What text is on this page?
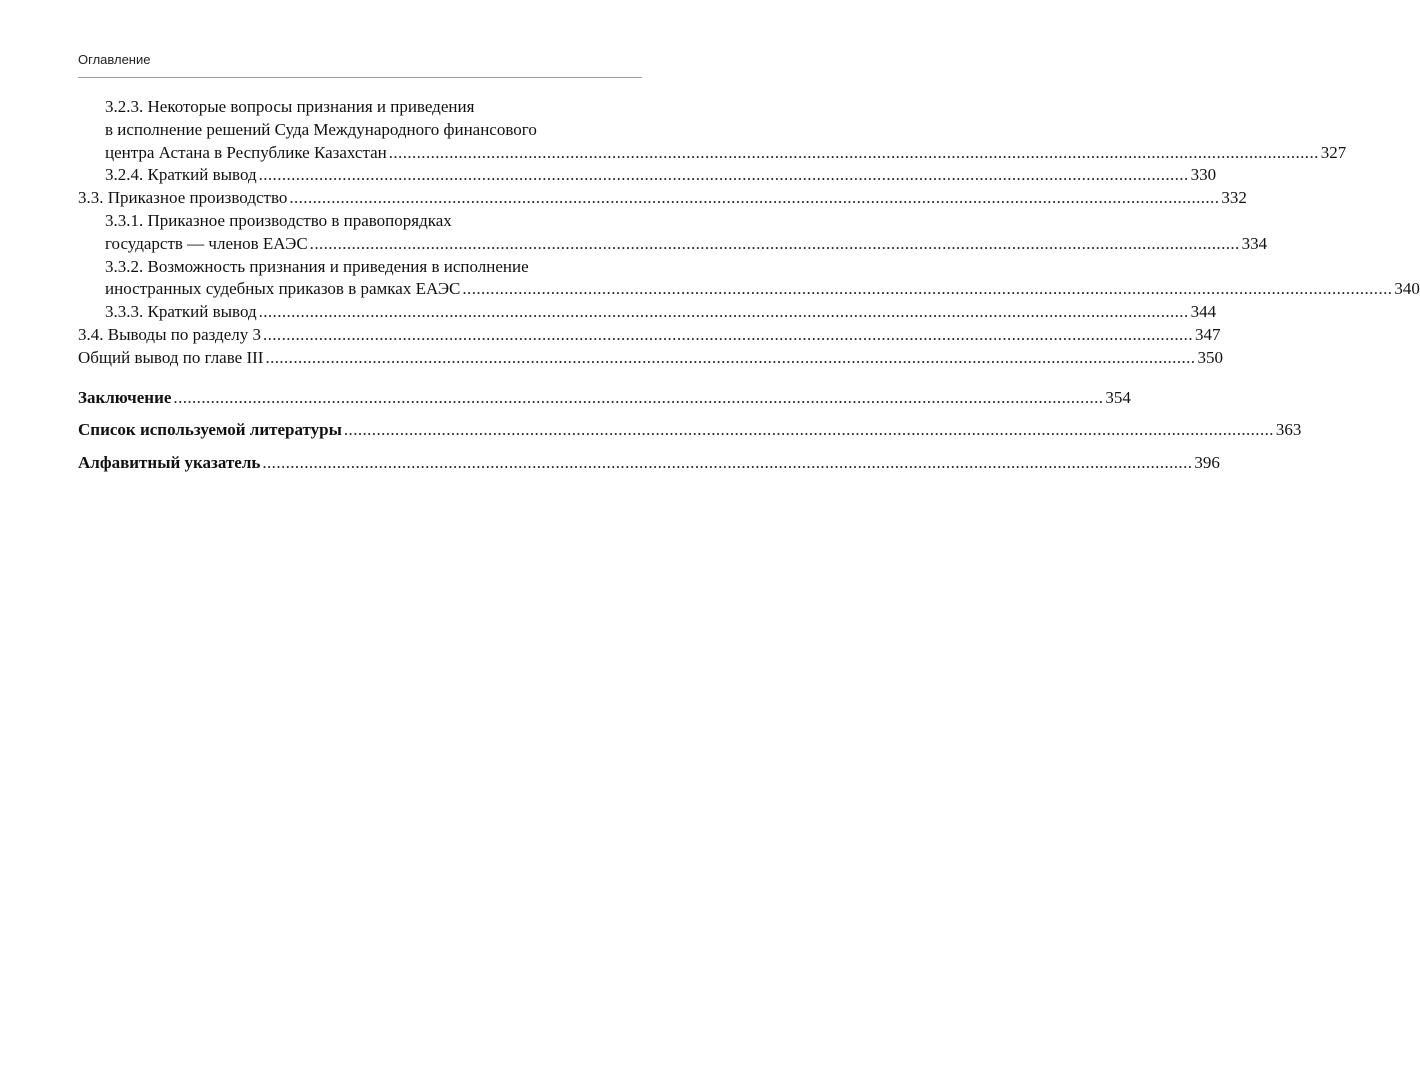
Оглавление
3.2.3. Некоторые вопросы признания и приведения
в исполнение решений Суда Международного финансового
центра Астана в Республике Казахстан ........................................................................................................................................................................................................ 327
3.2.4. Краткий вывод ........................................................................................................................................................................................................ 330
3.3. Приказное производство ........................................................................................................................................................................................................ 332
3.3.1. Приказное производство в правопорядках
государств — членов ЕАЭС ........................................................................................................................................................................................................ 334
3.3.2. Возможность признания и приведения в исполнение
иностранных судебных приказов в рамках ЕАЭС ........................................................................................................................................................................................................ 340
3.3.3. Краткий вывод ........................................................................................................................................................................................................ 344
3.4. Выводы по разделу 3 ........................................................................................................................................................................................................ 347
Общий вывод по главе III ........................................................................................................................................................................................................ 350
Заключение ........................................................................................................................................................................................................ 354
Список используемой литературы ........................................................................................................................................................................................................ 363
Алфавитный указатель ........................................................................................................................................................................................................ 396
